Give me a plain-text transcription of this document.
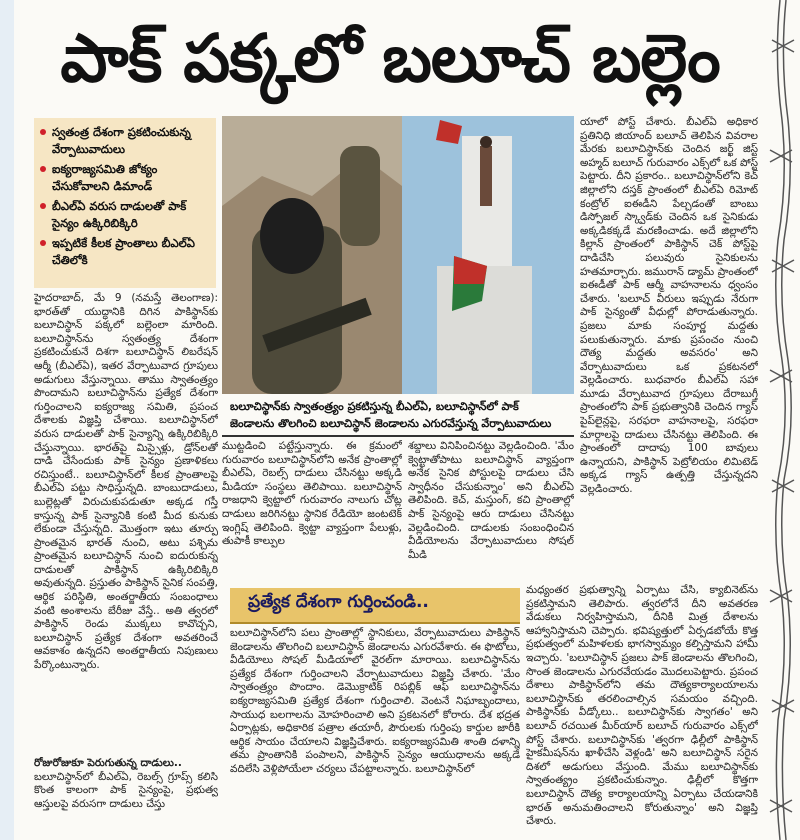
పాక్ పక్కలో బలూచ్ బల్లెం
స్వతంత్ర దేశంగా ప్రకటించుకున్న వేర్పాటువాదులు
ఐక్యరాజ్యసమితి జోక్యం చేసుకోవాలని డిమాండ్
బీఎల్ఏ వరుస దాడులతో పాక్ సైన్యం ఉక్కిరిబిక్కిరి
ఇప్పటికే కీలక ప్రాంతాలు బీఎల్ఏ చేతిలోకి
బలూచిస్థాన్‌కు స్వాతంత్ర్యం ప్రకటిస్తున్న బీఎల్ఏ, బలూచిస్థాన్‌లో పాక్ జెండాలను తొలగించి బలూచిస్థాన్ జెండాలను ఎగురవేస్తున్న వేర్పాటువాదులు
హైదరాబాద్, మే 9 (నమస్తే తెలంగాణ): భారత్‌తో యుద్ధానికి దిగిన పాకిస్థాన్‌కు బలూచిస్థాన్ పక్కలో బల్లెంలా మారింది. బలూచిస్థాన్‌ను స్వతంత్ర్య దేశంగా ప్రకటించుకునే దిశగా బలూచిస్థాన్ లిబరేషన్ ఆర్మీ (బీఎల్ఏ), ఇతర వేర్పాటువాద గ్రూపులు అడుగులు వేస్తున్నాయి. తాము స్వాతంత్ర్యం పొందామని బలూచిస్థాన్‌ను ప్రత్యేక దేశంగా గుర్తించాలని ఐక్యరాజ్య సమితి, ప్రపంచ దేశాలకు విజ్ఞప్తి చేశాయి. బలూచిస్థాన్‌లో వరుస దాడులతో పాక్ సైన్యాన్ని ఉక్కిరిబిక్కిరి చేస్తున్నాయి. భారత్‌పై మిస్సైళ్లు, డ్రోన్‌లతో దాడి చేసేందుకు పాక్ సైన్యం ప్రణాళికలు రచిస్తుంటే.. బలూచిస్థాన్‌లో కీలక ప్రాంతాలపై బీఎల్ఏ పట్టు సాధిస్తున్నది. బాంబుదాడులు, బుల్లెట్లతో విరుచుకుపడుతూ అక్కడ గస్తీ కాస్తున్న పాక్ సైన్యానికి కంటి మీద కునుకు లేకుండా చేస్తున్నది. మొత్తంగా ఇటు తూర్పు ప్రాంతమైన భారత్ నుంచి, అటు పశ్చిమ ప్రాంతమైన బలూచిస్థాన్ నుంచి ఐదురుకున్న దాడులతో పాకిస్థాన్ ఉక్కిరిబిక్కిరి అవుతున్నది. ప్రస్తుతం పాకిస్థాన్ సైనిక సంపత్తి, ఆర్థిక పరిస్థితి, అంతర్జాతీయ సంబంధాలు వంటి అంశాలను బేరీజు వేస్తే.. అతి త్వరలో పాకిస్థాన్ రెండు ముక్కలు కావొచ్చని, బలూచిస్థాన్ ప్రత్యేక దేశంగా అవతరించే ఆవకాశం ఉన్నదని అంతర్జాతీయ నిపుణులు పేర్కొంటున్నారు.
రోజురోజుకూ పెరుగుతున్న దాడులు..
బలూచిస్థాన్‌లో బీఎల్ఏ, రెబల్స్ గ్రూప్స్ కలిసి కొంత కాలంగా పాక్ సైన్యంపై, ప్రభుత్వ ఆస్తులపై వరుసగా దాడులు చేస్తు
ముట్టడించి పట్టేస్తున్నారు. ఈ క్రమంలో గురువారం బలూచిస్థాన్‌లోని అనేక ప్రాంతాల్లో బీఎల్ఏ, రెబల్స్ దాడులు చేసినట్టు అక్కడి మీడియా సంస్థలు తెలిపాయి. బలూచిస్థాన్ రాజధాని క్వెట్టాలో గురువారం నాలుగు చోట్ల దాడులు జరిగినట్టు స్థానిక రేడియో జంటటెక్ ఇంగ్లిష్ తెలిపింది. క్వెట్టా వ్యాప్తంగా పేలుళ్లు, తుపాకీ కాల్పుల
శబ్దాలు వినిపించినట్టు వెల్లడించింది. 'మేం క్వెట్టాతోపాటు బలూచిస్థాన్ వ్యాప్తంగా అనేక సైనిక పోస్టులపై దాడులు చేసి స్వాధీనం చేసుకున్నాం' అని బీఎల్ఏ తెలిపింది. కెచ్, మస్తుంగ్, కచి ప్రాంతాల్లో పాక్ సైన్యంపై ఆరు దాడులు చేసినట్టు వెల్లడించింది. దాడులకు సంబంధించిన వీడియోలను వేర్పాటువాదులు సోషల్ మీడి
యాలో పోస్ట్ చేశారు. బీఎల్ఏ అధికార ప్రతినిధి జియాంద్ బలూచ్ తెలిపిన వివరాల మేరకు బలూచిస్థాన్‌కు చెందిన జర్ఖ్ జిస్ట్ అహ్మద్ బలూచ్ గురువారం ఎక్స్‌లో ఒక పోస్ట్ పెట్టారు. దీని ప్రకారం.. బలూచిస్థాన్‌లోని కెచ్ జిల్లాలోని దస్తక్ ప్రాంతంలో బీఎల్ఏ రిమోట్ కంట్రోల్ ఐఈడీని పేల్చడంతో బాంబు డిస్పోజల్ స్క్వాడ్‌కు చెందిన ఒక సైనికుడు అక్కడికక్కడే మరణించాడు. అదే జిల్లాలోని కిల్లాన్ ప్రాంతంలో పాకిస్థాన్ చెక్ పోస్ట్‌పై దాడిచేసి పలువురు సైనికులను హతమార్చారు. జమురాన్ డ్యామ్ ప్రాంతంలో ఐఈడీతో పాక్ ఆర్మీ వాహనాలను ధ్వంసం చేశారు. 'బలూచ్ వీరులు ఇప్పుడు నేరుగా పాక్ సైన్యంతో వీధుల్లో పోరాడుతున్నారు. ప్రజలు మాకు సంపూర్ణ మద్దతు పలుకుతున్నారు. మాకు ప్రపంచం నుంచి దౌత్య మద్దతు అవసరం' అని వేర్పాటువాదులు ఒక ప్రకటనలో వెల్లడించారు. బుధవారం బీఎల్ఏ సహా మూడు వేర్పాటువాద గ్రూపులు దేరాబుగ్తీ ప్రాంతంలోని పాక్ ప్రభుత్వానికి చెందిన గ్యాస్ పైప్‌లైన్లపై, సరఫరా వాహనాలపై, సరఫరా మార్గాలపై దాడులు చేసినట్టు తెలిపింది. ఈ ప్రాంతంలో దాదాపు 100 బావులు ఉన్నాయని, పాకిస్థాన్ పెట్రోలియం లిమిటెడ్ అక్కడ గ్యాస్ ఉత్పత్తి చేస్తున్నదని వెల్లడించారు.
ప్రత్యేక దేశంగా గుర్తించండి..
బలూచిస్థాన్‌లోని పలు ప్రాంతాల్లో స్థానికులు, వేర్పాటువాదులు పాకిస్థాన్ జెండాలను తొలగించి బలూచిస్థాన్ జెండాలను ఎగురవేశారు. ఈ ఫొటోలు, వీడియోలు సోషల్ మీడియాలో వైరల్‌గా మారాయి. బలూచిస్థాన్‌ను ప్రత్యేక దేశంగా గుర్తించాలని వేర్పాటువాదులు విజ్ఞప్తి చేశారు. 'మేం స్వాతంత్ర్యం పొందాం. డెమొక్రాటిక్ రిపబ్లిక్ ఆఫ్ బలూచిస్థాన్‌ను ఐక్యరాజ్యసమితి ప్రత్యేక దేశంగా గుర్తించాలి. వెంటనే నిఘాబృందాలు, సాయుధ బలగాలను మోహరించాలి అని ప్రకటనలో కోరారు. దేశ భద్రత ఏర్పాట్లకు, అధికారిక పత్రాల తయారీ, పౌరులకు గుర్తింపు కార్డుల జారీకి ఆర్థిక సాయం చేయాలని విజ్ఞప్తిచేశారు. ఐక్యరాజ్యసమితి శాంతి దళాన్ని తమ ప్రాంతానికి పంపాలని, పాకిస్థాన్ సైన్యం ఆయుధాలను అక్కడే వదిలేసి వెళ్లిపోయేలా చర్యలు చేపట్టాలన్నారు. బలూచిస్థాన్‌లో
మధ్యంతర ప్రభుత్వాన్ని ఏర్పాటు చేసి, క్యాబినెట్‌ను ప్రకటిస్తామని తెలిపారు. త్వరలోనే దీని అవతరణ వేడుకలు నిర్వహిస్తామని, దీనికి మిత్ర దేశాలను ఆహ్వానిస్తామని చెప్పారు. భవిష్యత్తులో ఏర్పడబోయే కొత్త ప్రభుత్వంలో మహిళలకు భాగస్వామ్యం కల్పిస్తామని హామీ ఇచ్చారు. 'బలూచిస్థాన్ ప్రజలు పాక్ జెండాలను తొలగించి, సొంత జెండాలను ఎగురవేయడం మొదలుపెట్టారు. ప్రపంచ దేశాలు పాకిస్థాన్‌లోని తమ దౌత్యకార్యాలయాలను బలూచిస్థాన్‌కు తరలించాల్సిన సమయం వచ్చింది. పాకిస్థాన్‌కు వీడ్కోలు.. బలూచిస్థాన్‌కు స్వాగతం' అని బలూచ్ రచయిత మీర్‌యార్ బలూచ్ గురువారం ఎక్స్‌లో పోస్ట్ చేశారు. బలూచిస్థాన్‌కు 'త్వరగా ఢిల్లీలో పాకిస్థాన్ హైకమీషన్‌ను ఖాళీచేసి వెళ్లండి' అని బలూచిస్థాన్ సరైన దిశలో అడుగులు వేస్తుంది. మేము బలూచిస్థాన్‌కు స్వాతంత్య్రం ప్రకటించుకున్నాం. ఢిల్లీలో కొత్తగా బలూచిస్థాన్ దౌత్య కార్యాలయాన్ని ఏర్పాటు చేయడానికి భారత్ అనుమతించాలని కోరుతున్నాం' అని విజ్ఞప్తి చేశారు.
